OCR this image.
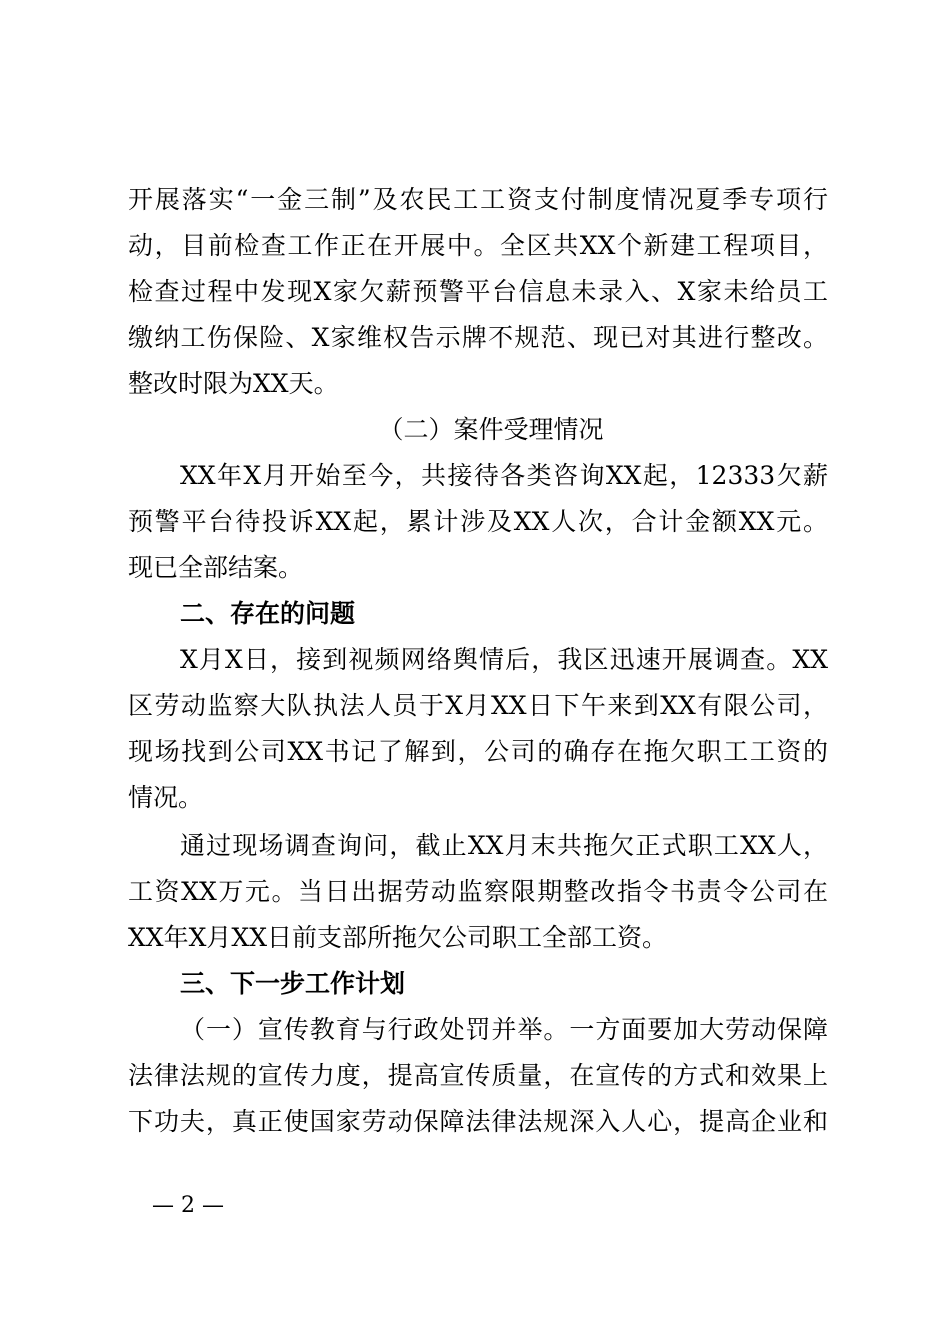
开展落实“一金三制”及农民工工资支付制度情况夏季专项行
动，目前检查工作正在开展中。全区共XX个新建工程项目，
检查过程中发现X家欠薪预警平台信息未录入、X家未给员工
缴纳工伤保险、X家维权告示牌不规范、现已对其进行整改。
整改时限为XX天。
（二）案件受理情况
XX年X月开始至今，共接待各类咨询XX起，12333欠薪
预警平台待投诉XX起，累计涉及XX人次，合计金额XX元。
现已全部结案。
二、存在的问题
X月X日，接到视频网络舆情后，我区迅速开展调查。XX
区劳动监察大队执法人员于X月XX日下午来到XX有限公司，
现场找到公司XX书记了解到，公司的确存在拖欠职工工资的
情况。
通过现场调查询问，截止XX月末共拖欠正式职工XX人，
工资XX万元。当日出据劳动监察限期整改指令书责令公司在
XX年X月XX日前支部所拖欠公司职工全部工资。
三、下一步工作计划
（一）宣传教育与行政处罚并举。一方面要加大劳动保障
法律法规的宣传力度，提高宣传质量，在宣传的方式和效果上
下功夫，真正使国家劳动保障法律法规深入人心，提高企业和
— 2 —
